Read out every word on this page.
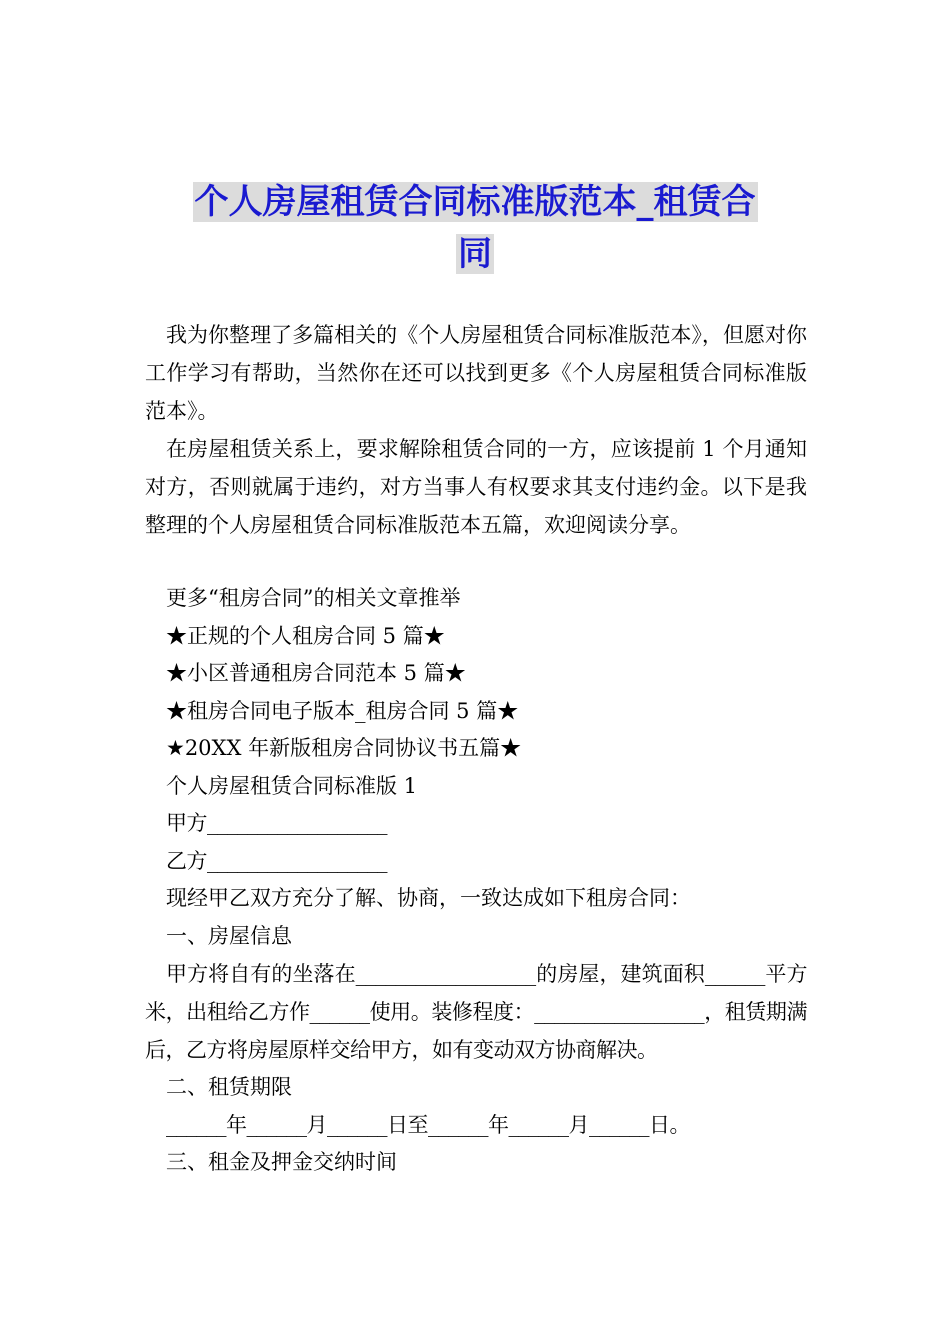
个人房屋租赁合同标准版范本_租赁合
同

我为你整理了多篇相关的《个人房屋租赁合同标准版范本》，但愿对你工作学习有帮助，当然你在还可以找到更多《个人房屋租赁合同标准版范本》。

在房屋租赁关系上，要求解除租赁合同的一方，应该提前 1 个月通知对方，否则就属于违约，对方当事人有权要求其支付违约金。以下是我整理的个人房屋租赁合同标准版范本五篇，欢迎阅读分享。

更多“租房合同”的相关文章推举

★正规的个人租房合同 5 篇★

★小区普通租房合同范本 5 篇★

★租房合同电子版本_租房合同 5 篇★

★20XX 年新版租房合同协议书五篇★

个人房屋租赁合同标准版 1

甲方__________________

乙方__________________

现经甲乙双方充分了解、协商，一致达成如下租房合同：

一、房屋信息

甲方将自有的坐落在__________________的房屋，建筑面积______平方米，出租给乙方作______使用。装修程度：_________________，租赁期满后，乙方将房屋原样交给甲方，如有变动双方协商解决。

二、租赁期限

______年______月______日至______年______月______日。

三、租金及押金交纳时间
